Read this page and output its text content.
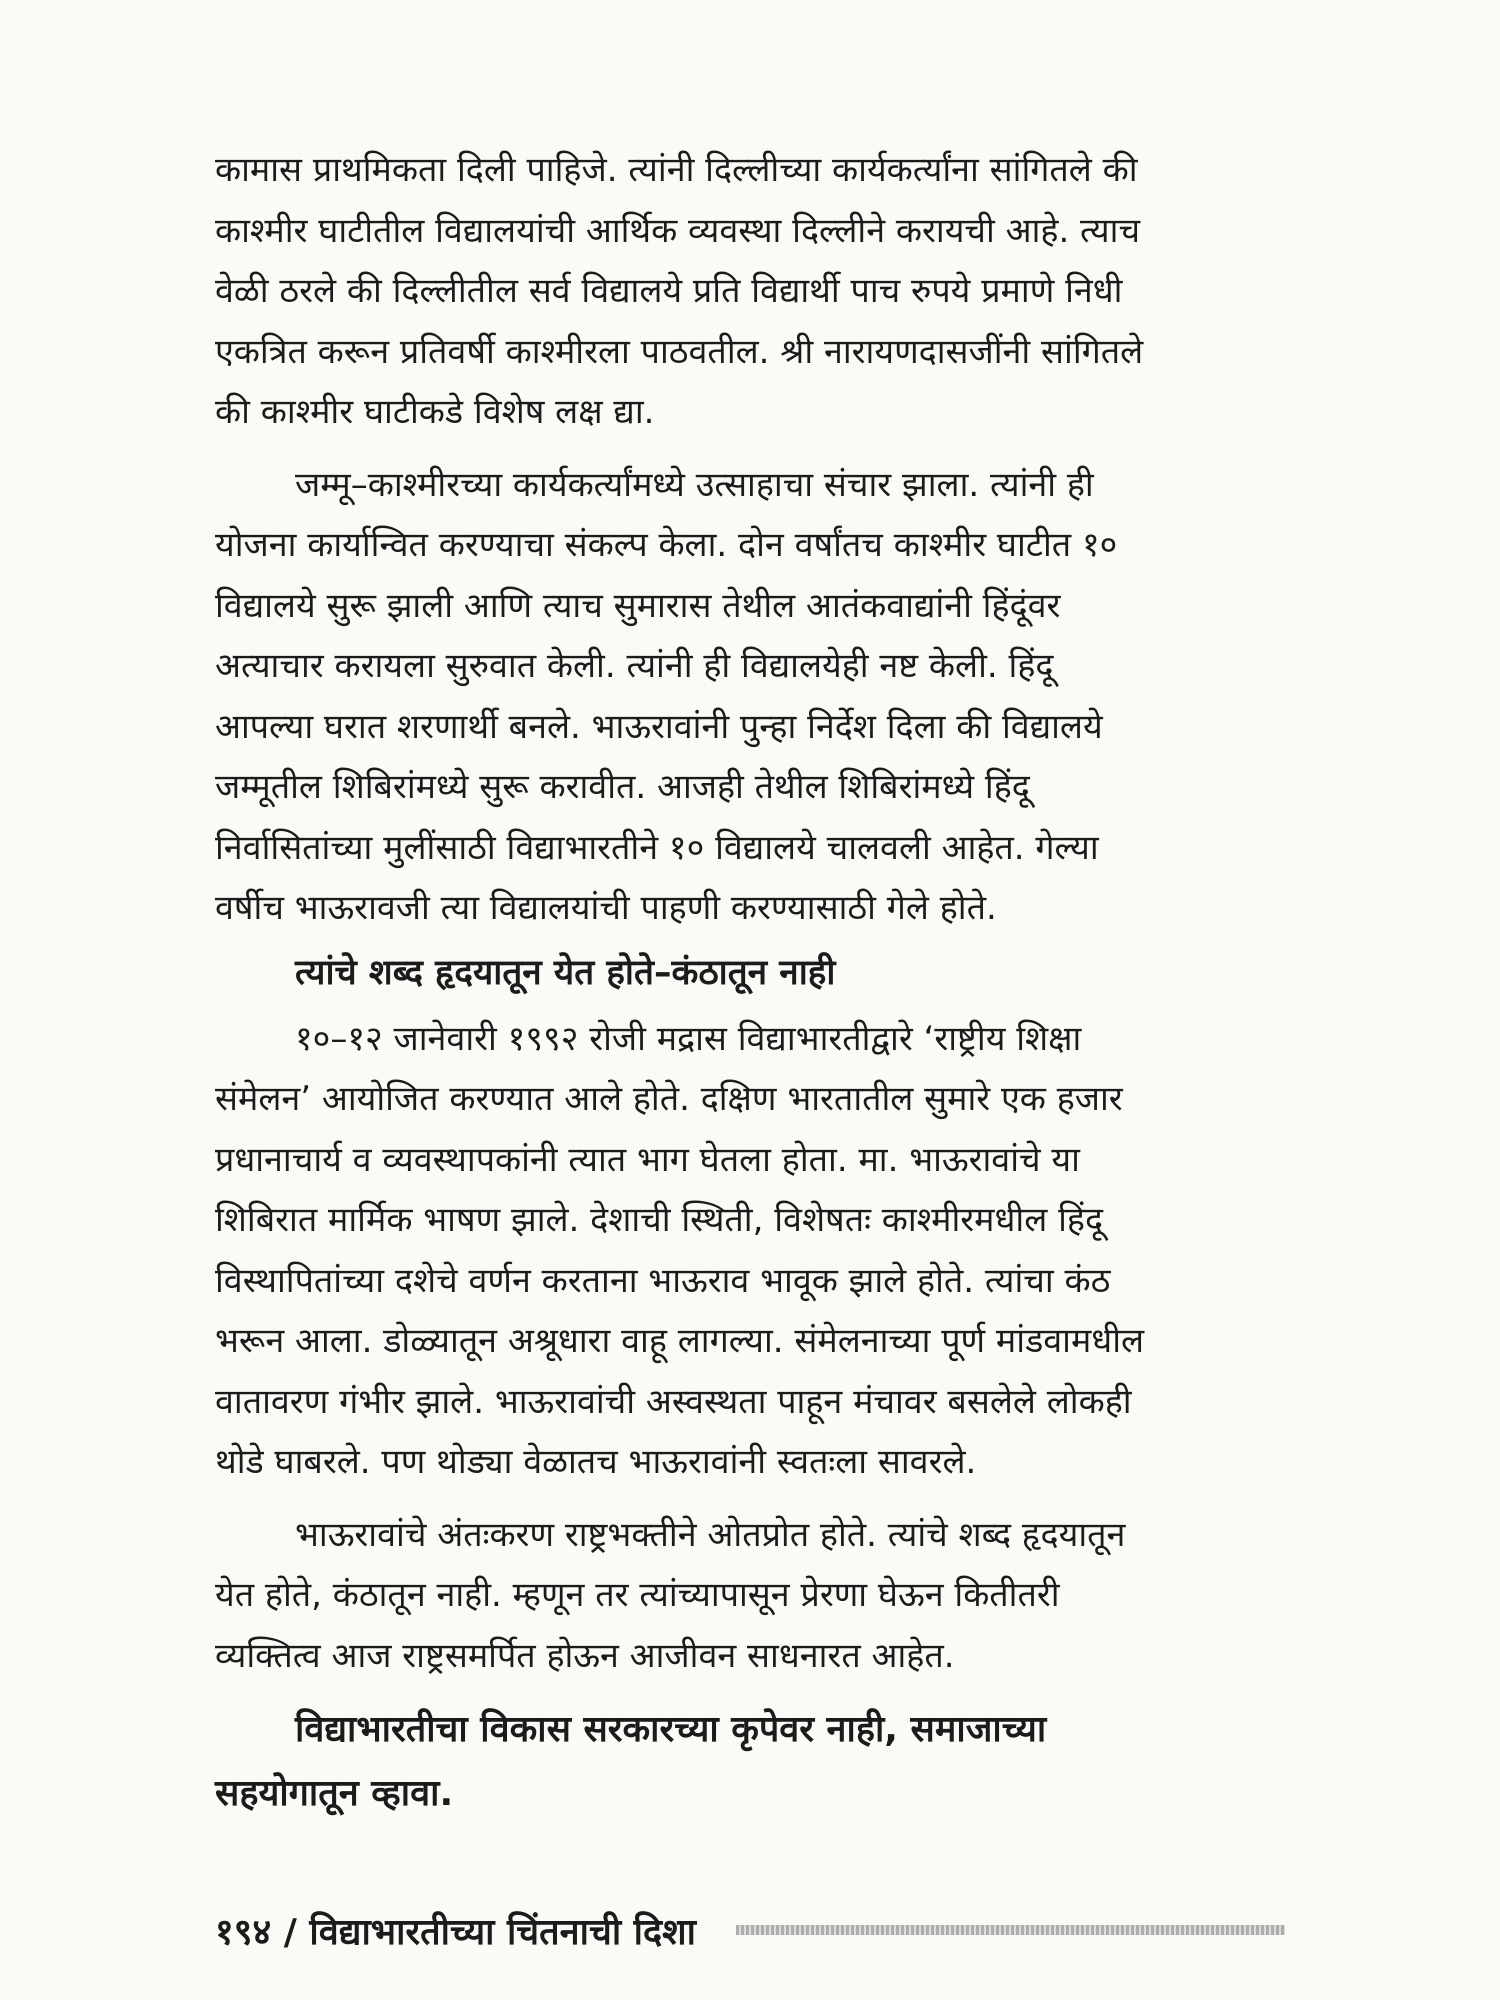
कामास प्राथमिकता दिली पाहिजे. त्यांनी दिल्लीच्या कार्यकर्त्यांना सांगितले की
काश्मीर घाटीतील विद्यालयांची आर्थिक व्यवस्था दिल्लीने करायची आहे. त्याच
वेळी ठरले की दिल्लीतील सर्व विद्यालये प्रति विद्यार्थी पाच रुपये प्रमाणे निधी
एकत्रित करून प्रतिवर्षी काश्मीरला पाठवतील. श्री नारायणदासजींनी सांगितले
की काश्मीर घाटीकडे विशेष लक्ष द्या.

जम्मू–काश्मीरच्या कार्यकर्त्यांमध्ये उत्साहाचा संचार झाला. त्यांनी ही
योजना कार्यान्वित करण्याचा संकल्प केला. दोन वर्षांतच काश्मीर घाटीत १०
विद्यालये सुरू झाली आणि त्याच सुमारास तेथील आतंकवाद्यांनी हिंदूंवर
अत्याचार करायला सुरुवात केली. त्यांनी ही विद्यालयेही नष्ट केली. हिंदू
आपल्या घरात शरणार्थी बनले. भाऊरावांनी पुन्हा निर्देश दिला की विद्यालये
जम्मूतील शिबिरांमध्ये सुरू करावीत. आजही तेथील शिबिरांमध्ये हिंदू
निर्वासितांच्या मुलींसाठी विद्याभारतीने १० विद्यालये चालवली आहेत. गेल्या
वर्षीच भाऊरावजी त्या विद्यालयांची पाहणी करण्यासाठी गेले होते.

त्यांचे शब्द हृदयातून येत होते–कंठातून नाही

१०–१२ जानेवारी १९९२ रोजी मद्रास विद्याभारतीद्वारे ‘राष्ट्रीय शिक्षा
संमेलन’ आयोजित करण्यात आले होते. दक्षिण भारतातील सुमारे एक हजार
प्रधानाचार्य व व्यवस्थापकांनी त्यात भाग घेतला होता. मा. भाऊरावांचे या
शिबिरात मार्मिक भाषण झाले. देशाची स्थिती, विशेषतः काश्मीरमधील हिंदू
विस्थापितांच्या दशेचे वर्णन करताना भाऊराव भावूक झाले होते. त्यांचा कंठ
भरून आला. डोळ्यातून अश्रूधारा वाहू लागल्या. संमेलनाच्या पूर्ण मांडवामधील
वातावरण गंभीर झाले. भाऊरावांची अस्वस्थता पाहून मंचावर बसलेले लोकही
थोडे घाबरले. पण थोड्या वेळातच भाऊरावांनी स्वतःला सावरले.

भाऊरावांचे अंतःकरण राष्ट्रभक्तीने ओतप्रोत होते. त्यांचे शब्द हृदयातून
येत होते, कंठातून नाही. म्हणून तर त्यांच्यापासून प्रेरणा घेऊन कितीतरी
व्यक्तित्व आज राष्ट्रसमर्पित होऊन आजीवन साधनारत आहेत.

विद्याभारतीचा विकास सरकारच्या कृपेवर नाही, समाजाच्या
सहयोगातून व्हावा.

१९४ / विद्याभारतीच्या चिंतनाची दिशा
